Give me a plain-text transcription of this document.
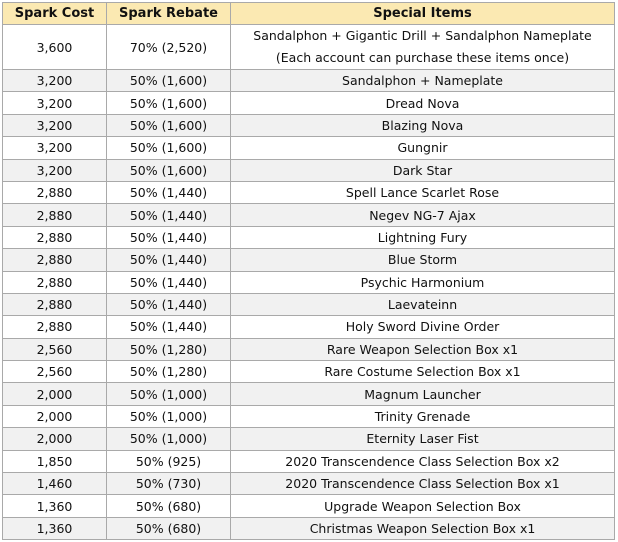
Spark Cost	Spark Rebate	Special Items
3,600	70% (2,520)	Sandalphon + Gigantic Drill + Sandalphon Nameplate
(Each account can purchase these items once)

3,200	50% (1,600)	Sandalphon + Nameplate
3,200	50% (1,600)	Dread Nova
3,200	50% (1,600)	Blazing Nova
3,200	50% (1,600)	Gungnir
3,200	50% (1,600)	Dark Star
2,880	50% (1,440)	Spell Lance Scarlet Rose
2,880	50% (1,440)	Negev NG-7 Ajax
2,880	50% (1,440)	Lightning Fury
2,880	50% (1,440)	Blue Storm
2,880	50% (1,440)	Psychic Harmonium
2,880	50% (1,440)	Laevateinn
2,880	50% (1,440)	Holy Sword Divine Order
2,560	50% (1,280)	Rare Weapon Selection Box x1
2,560	50% (1,280)	Rare Costume Selection Box x1
2,000	50% (1,000)	Magnum Launcher
2,000	50% (1,000)	Trinity Grenade
2,000	50% (1,000)	Eternity Laser Fist
1,850	50% (925)	2020 Transcendence Class Selection Box x2
1,460	50% (730)	2020 Transcendence Class Selection Box x1
1,360	50% (680)	Upgrade Weapon Selection Box
1,360	50% (680)	Christmas Weapon Selection Box x1
